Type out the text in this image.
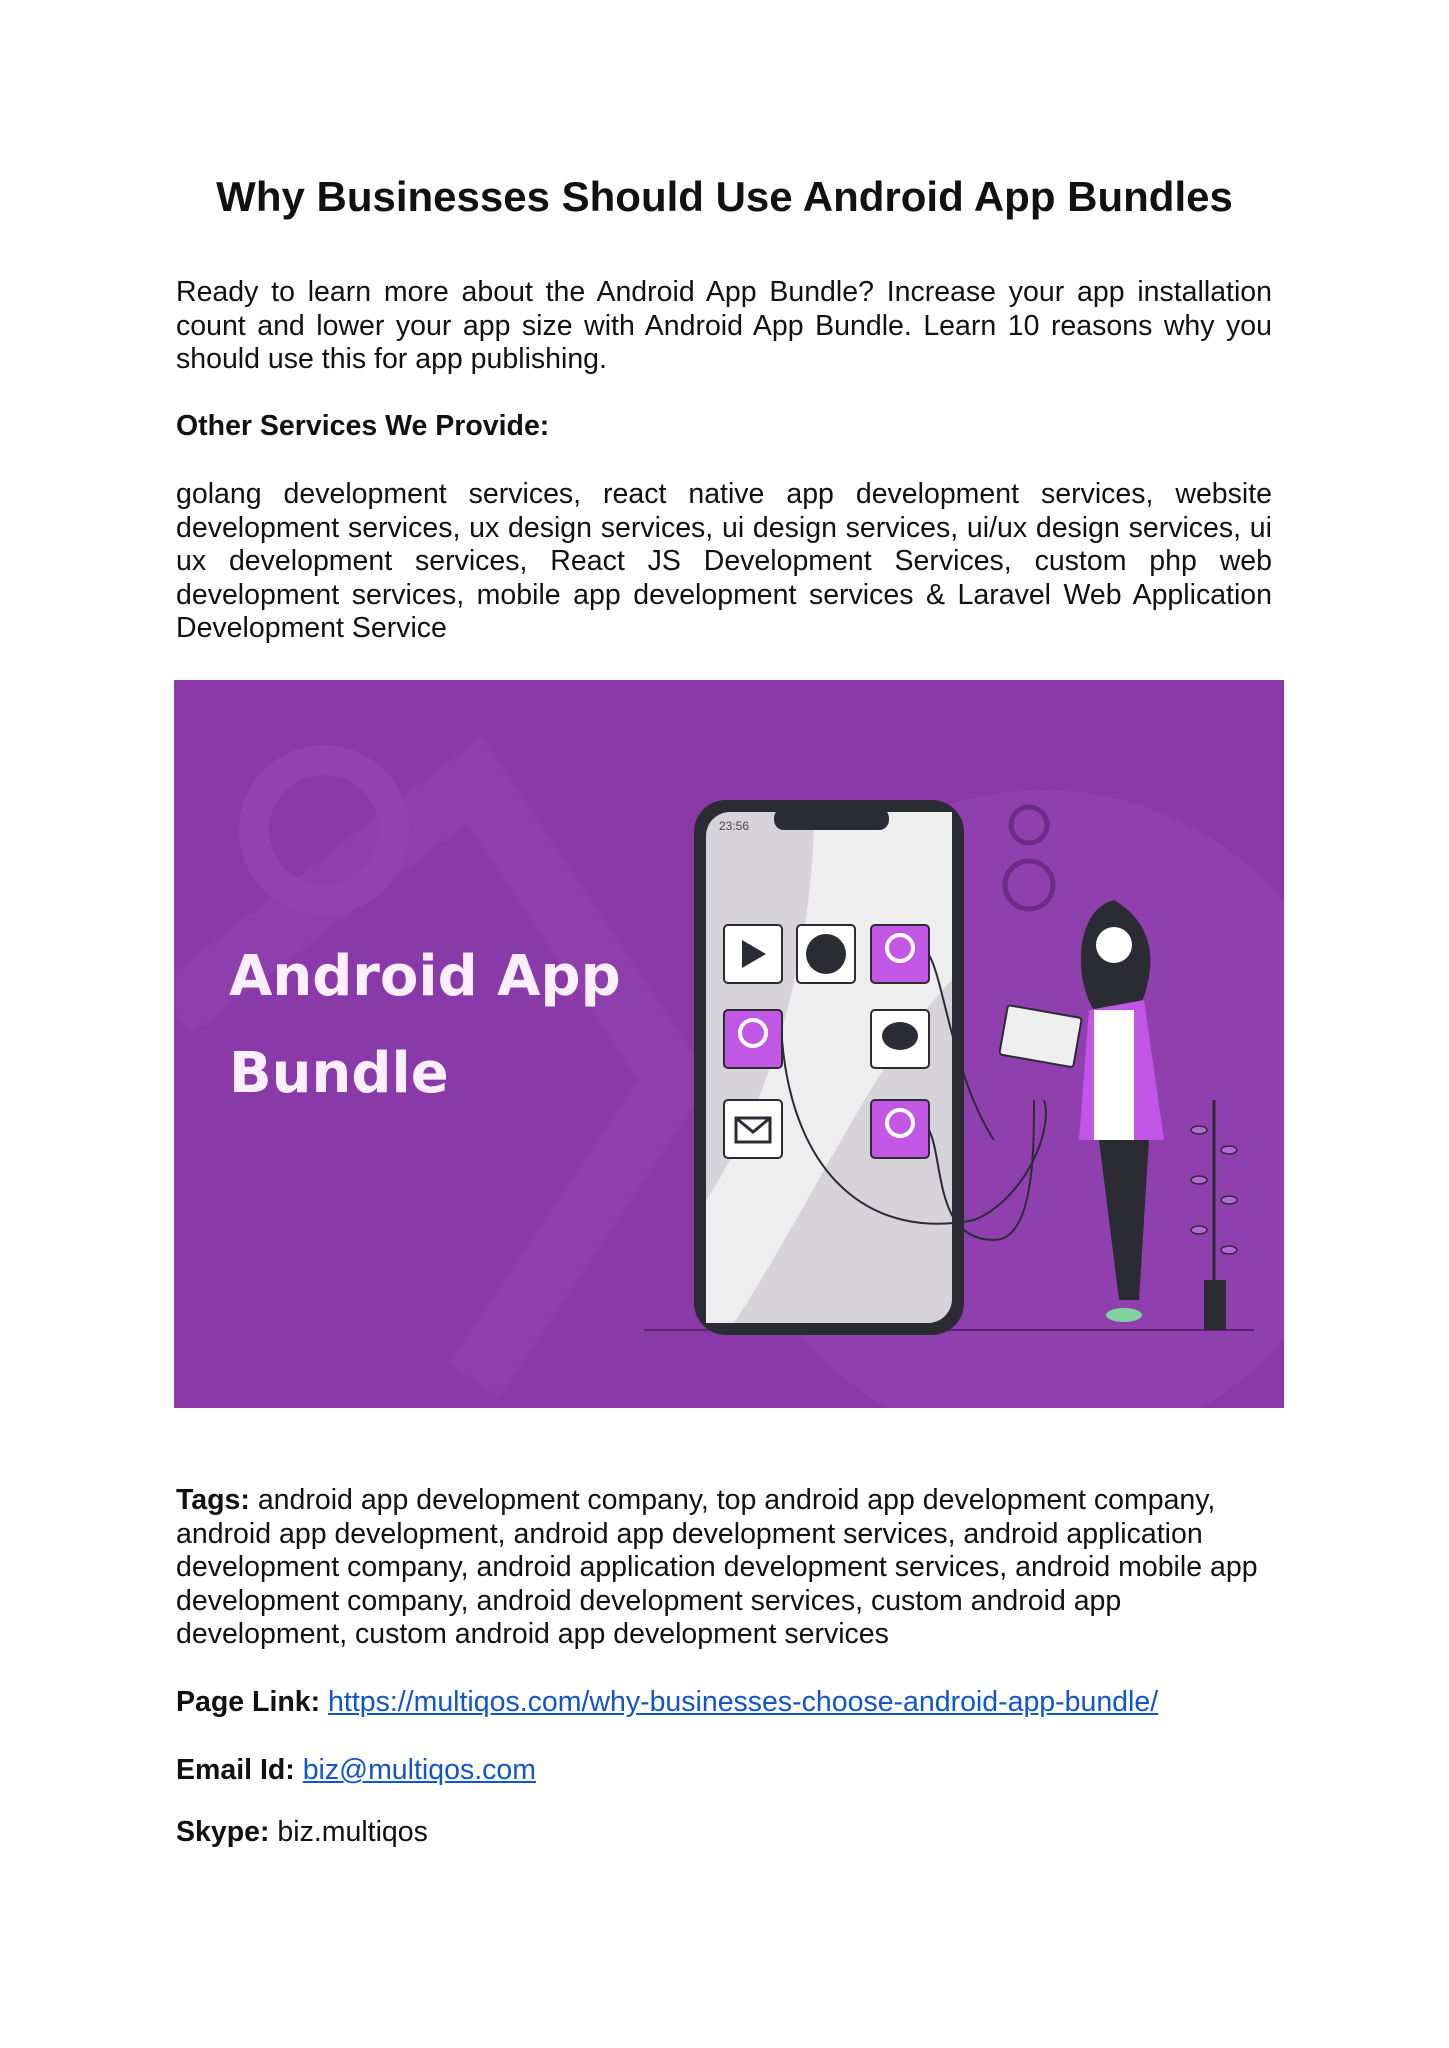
Why Businesses Should Use Android App Bundles
Ready to learn more about the Android App Bundle? Increase your app installation count and lower your app size with Android App Bundle. Learn 10 reasons why you should use this for app publishing.
Other Services We Provide:
golang development services, react native app development services, website development services, ux design services, ui design services, ui/ux design services, ui ux development services, React JS Development Services, custom php web development services, mobile app development services & Laravel Web Application Development Service
23:56
Android App
Bundle
Tags: android app development company, top android app development company, android app development, android app development services, android application development company, android application development services, android mobile app development company, android development services, custom android app development, custom android app development services
Page Link: https://multiqos.com/why-businesses-choose-android-app-bundle/
Email Id: biz@multiqos.com
Skype: biz.multiqos
